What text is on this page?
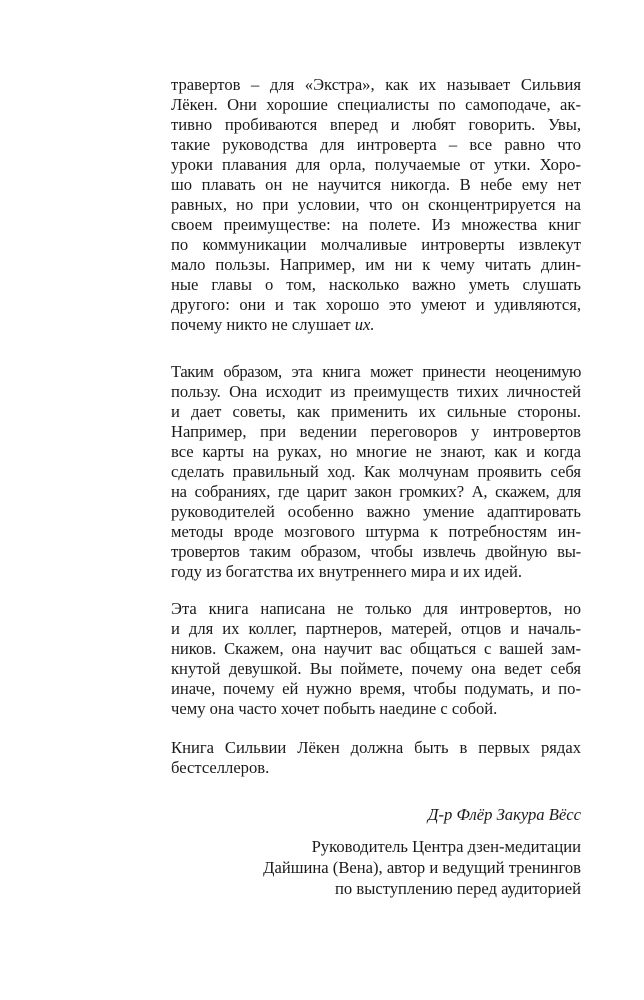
травертов – для «Экстра», как их называет Сильвия
Лёкен. Они хорошие специалисты по самоподаче, ак-
тивно пробиваются вперед и любят говорить. Увы,
такие руководства для интроверта – все равно что
уроки плавания для орла, получаемые от утки. Хоро-
шо плавать он не научится никогда. В небе ему нет
равных, но при условии, что он сконцентрируется на
своем преимуществе: на полете. Из множества книг
по коммуникации молчаливые интроверты извлекут
мало пользы. Например, им ни к чему читать длин-
ные главы о том, насколько важно уметь слушать
другого: они и так хорошо это умеют и удивляются,
почему никто не слушает их.
Таким образом, эта книга может принести неоценимую
пользу. Она исходит из преимуществ тихих личностей
и дает советы, как применить их сильные стороны.
Например, при ведении переговоров у интровертов
все карты на руках, но многие не знают, как и когда
сделать правильный ход. Как молчунам проявить себя
на собраниях, где царит закон громких? А, скажем, для
руководителей особенно важно умение адаптировать
методы вроде мозгового штурма к потребностям ин-
тровертов таким образом, чтобы извлечь двойную вы-
году из богатства их внутреннего мира и их идей.
Эта книга написана не только для интровертов, но
и для их коллег, партнеров, матерей, отцов и началь-
ников. Скажем, она научит вас общаться с вашей зам-
кнутой девушкой. Вы поймете, почему она ведет себя
иначе, почему ей нужно время, чтобы подумать, и по-
чему она часто хочет побыть наедине с собой.
Книга Сильвии Лёкен должна быть в первых рядах
бестселлеров.
Д-р Флёр Закура Вёсс
Руководитель Центра дзен-медитации
Дайшина (Вена), автор и ведущий тренингов
по выступлению перед аудиторией
